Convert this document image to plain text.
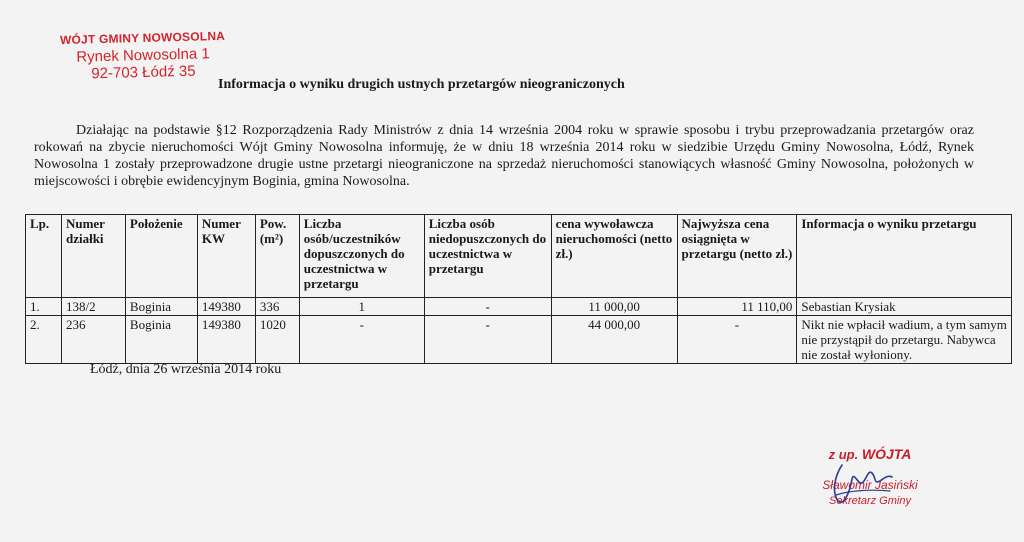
WÓJT GMINY NOWOSOLNA
Rynek Nowosolna 1
92-703 Łódź 35
Informacja o wyniku drugich ustnych przetargów nieograniczonych
Działając na podstawie §12 Rozporządzenia Rady Ministrów z dnia 14 września 2004 roku w sprawie sposobu i trybu przeprowadzania przetargów oraz rokowań na zbycie nieruchomości Wójt Gminy Nowosolna informuję, że w dniu 18 września 2014 roku w siedzibie Urzędu Gminy Nowosolna, Łódź, Rynek Nowosolna 1 zostały przeprowadzone drugie ustne przetargi nieograniczone na sprzedaż nieruchomości stanowiących własność Gminy Nowosolna, położonych w miejscowości i obrębie ewidencyjnym Boginia, gmina Nowosolna.
Lp.	Numer działki	Położenie	Numer KW	Pow. (m²)	Liczba osób/uczestników dopuszczonych do uczestnictwa w przetargu	Liczba osób niedopuszczonych do uczestnictwa w przetargu	cena wywoławcza nieruchomości (netto zł.)	Najwyższa cena osiągnięta w przetargu (netto zł.)	Informacja o wyniku przetargu
1.	138/2	Boginia	149380	336	1	-	11 000,00	11 110,00	Sebastian Krysiak
2.	236	Boginia	149380	1020	-	-	44 000,00	-	Nikt nie wpłacił wadium, a tym samym nie przystąpił do przetargu. Nabywca nie został wyłoniony.
Łódź, dnia 26 września 2014 roku
z up. WÓJTA
Sławomir Jasiński
Sekretarz Gminy
